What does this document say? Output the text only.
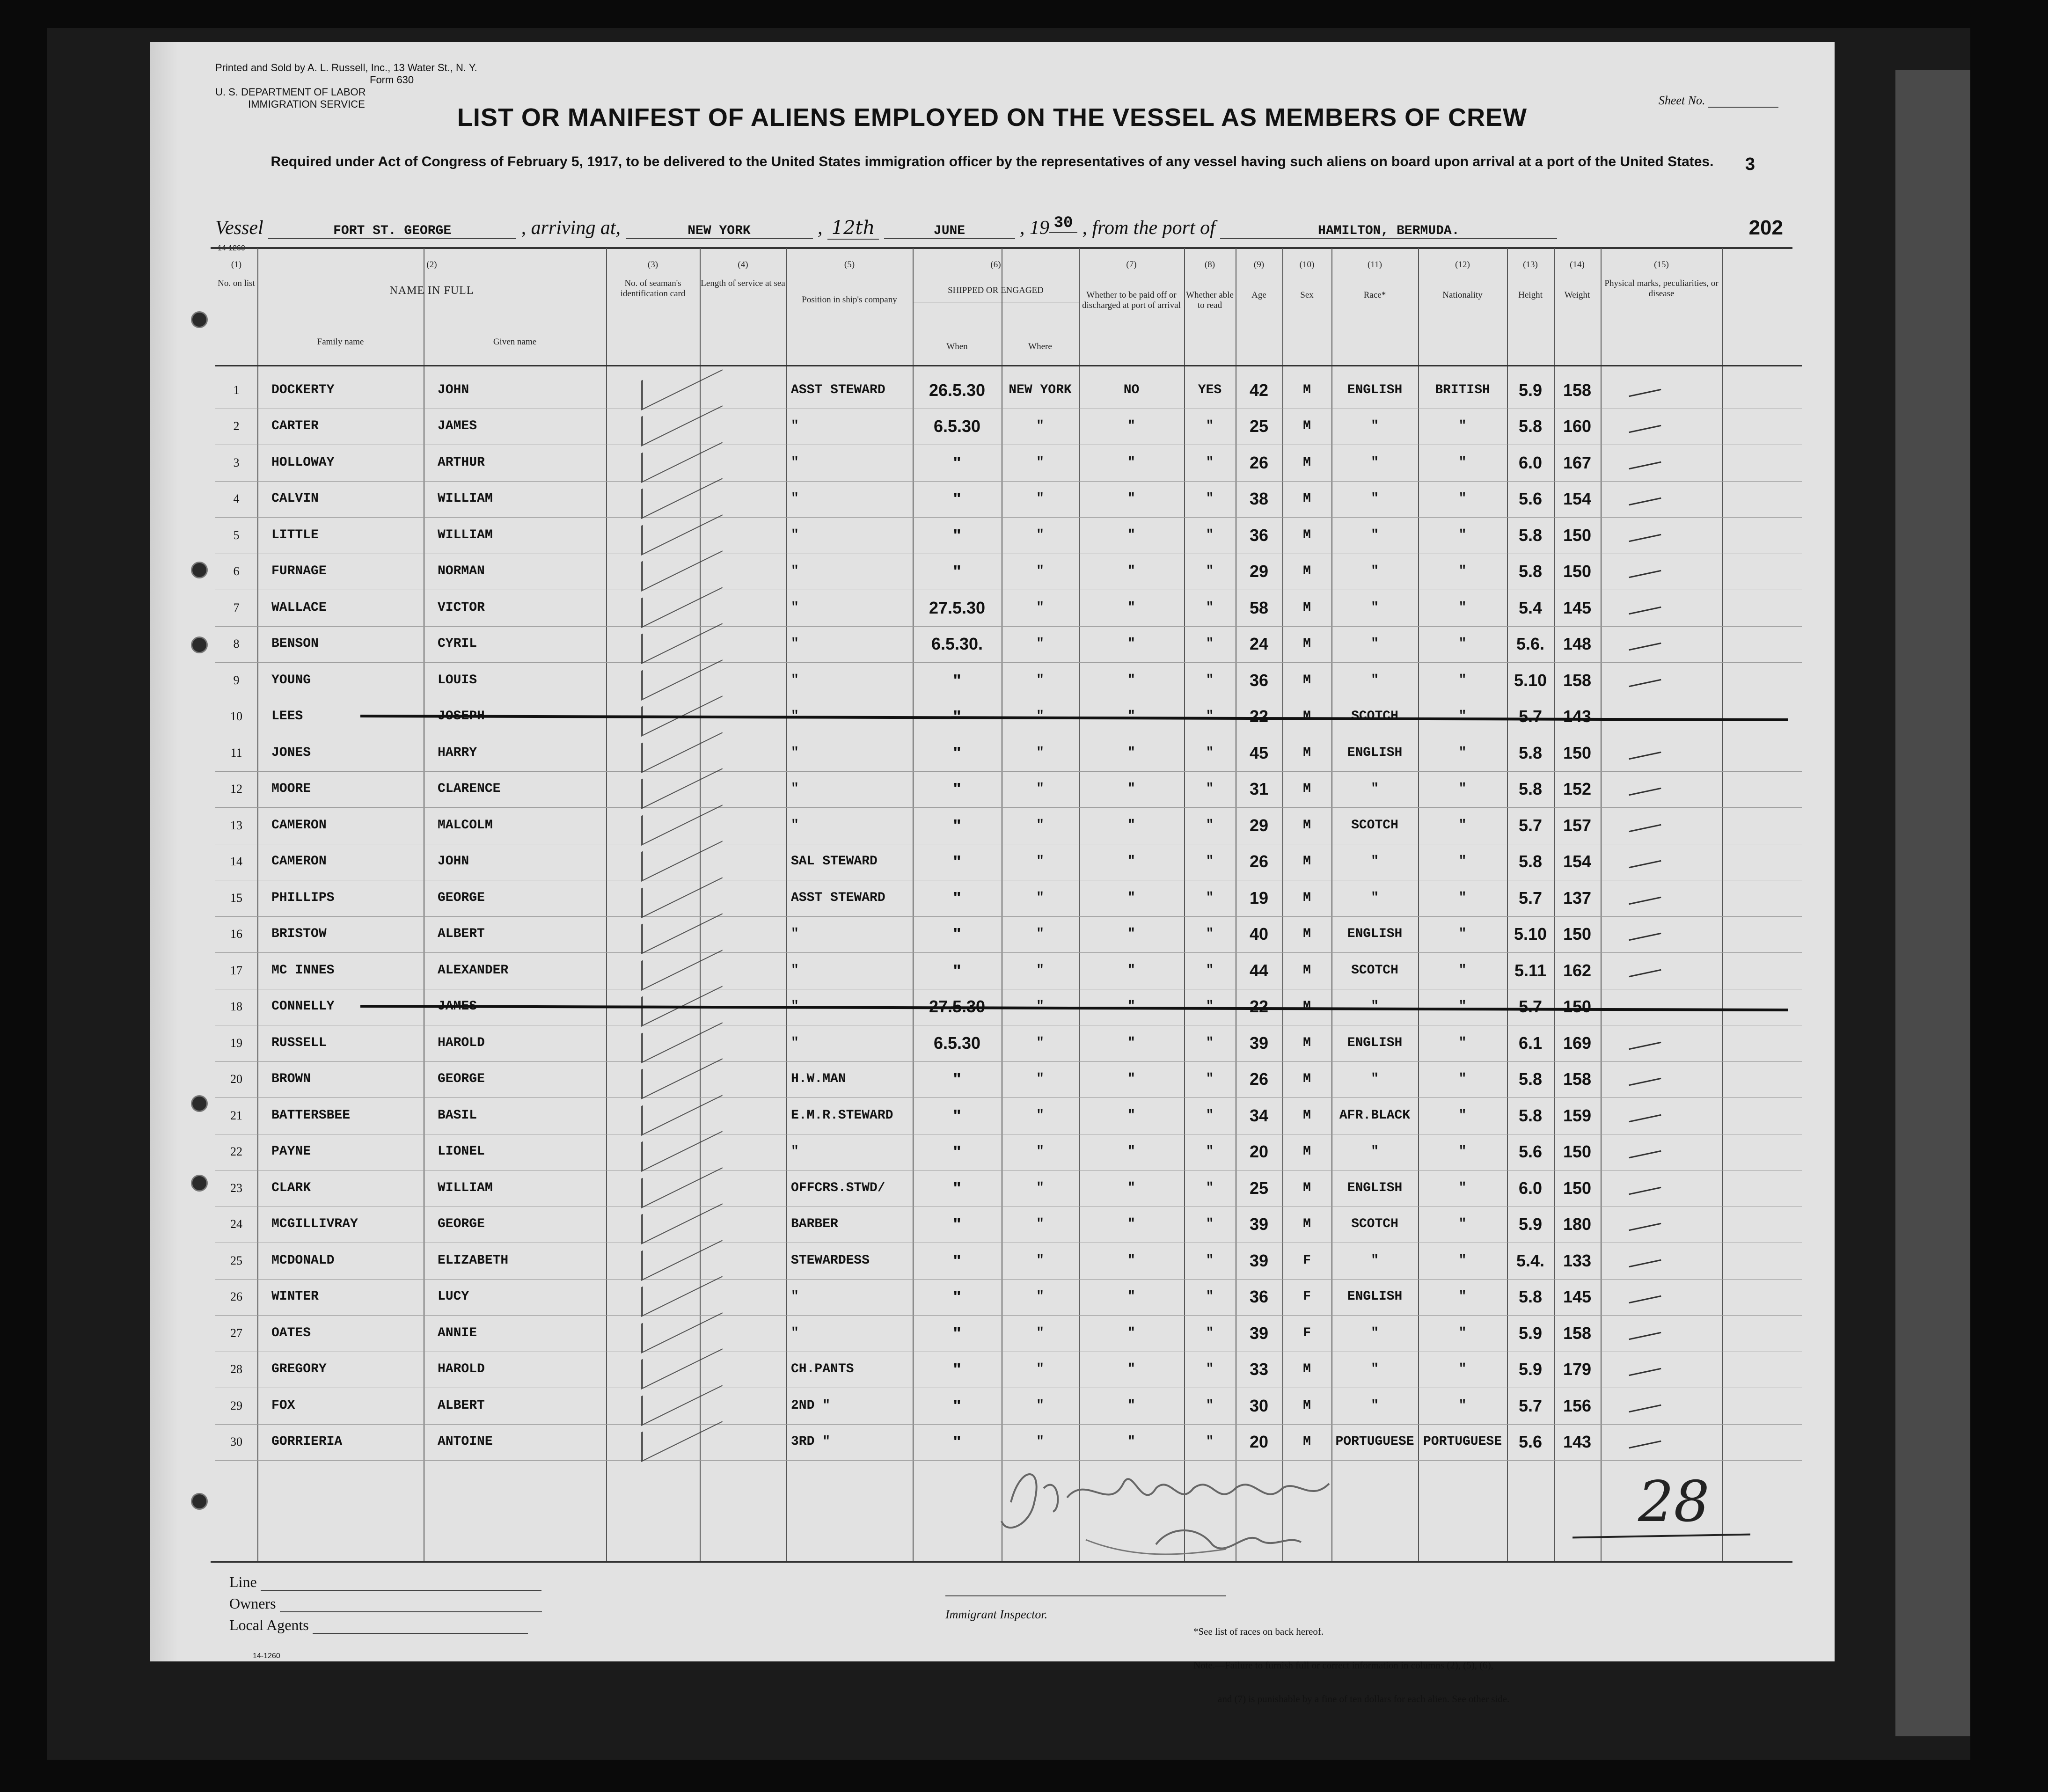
Printed and Sold by A. L. Russell, Inc., 13 Water St., N. Y.
Form 630
U. S. DEPARTMENT OF LABOR
IMMIGRATION SERVICE	Sheet No.
LIST OR MANIFEST OF ALIENS EMPLOYED ON THE VESSEL AS MEMBERS OF CREW
Required under Act of Congress of February 5, 1917, to be delivered to the United States immigration officer by the representatives of any vessel having such aliens on board upon arrival at a port of the United States.	3
Vessel	FORT ST. GEORGE	, arriving at,	NEW YORK	, 12th	JUNE	, 19 30 , from the port of	HAMILTON, BERMUDA.	202
14-1260
(1)
No. on list
(2)
NAME IN FULL
Family name	Given name
(3)
No. of seaman's identification card
(4)
Length of service at sea
(5)
Position in ship's company
(6)
SHIPPED OR ENGAGED
When	Where
(7)
Whether to be paid off or discharged at port of arrival
(8)
Whether able to read
(9)
Age
(10)
Sex
(11)
Race*
(12)
Nationality
(13)
Height
(14)
Weight
(15)
Physical marks, peculiarities, or disease
1	DOCKERTY	JOHN	ASST STEWARD	26.5.30	NEW YORK	NO	YES	42	M	ENGLISH	BRITISH	5.9	158
2	CARTER	JAMES	"	6.5.30	"	"	"	25	M	"	"	5.8	160
3	HOLLOWAY	ARTHUR	"	"	"	"	"	26	M	"	"	6.0	167
4	CALVIN	WILLIAM	"	"	"	"	"	38	M	"	"	5.6	154
5	LITTLE	WILLIAM	"	"	"	"	"	36	M	"	"	5.8	150
6	FURNAGE	NORMAN	"	"	"	"	"	29	M	"	"	5.8	150
7	WALLACE	VICTOR	"	27.5.30	"	"	"	58	M	"	"	5.4	145
8	BENSON	CYRIL	"	6.5.30.	"	"	"	24	M	"	"	5.6.	148
9	YOUNG	LOUIS	"	"	"	"	"	36	M	"	"	5.10 158
10	LEES	JOSEPH	"	"	"	"	"	22	M	SCOTCH	"	5.7	143
11	JONES	HARRY	"	"	"	"	"	45	M	ENGLISH	"	5.8	150
12	MOORE	CLARENCE	"	"	"	"	"	31	M	"	"	5.8	152
13	CAMERON	MALCOLM	"	"	"	"	"	29	M	SCOTCH	"	5.7	157
14	CAMERON	JOHN	SAL STEWARD	"	"	"	"	26	M	"	"	5.8	154
15	PHILLIPS	GEORGE	ASST STEWARD	"	"	"	"	19	M	"	"	5.7	137
16	BRISTOW	ALBERT	"	"	"	"	"	40	M	ENGLISH	"	5.10 150
17	MC INNES	ALEXANDER	"	"	"	"	"	44	M	SCOTCH	"	5.11 162
18	CONNELLY	JAMES	"	27.5.30	"	"	"	22	M	"	"	5.7	150
19	RUSSELL	HAROLD	"	6.5.30	"	"	"	39	M	ENGLISH	"	6.1	169
20	BROWN	GEORGE	H.W.MAN	"	"	"	"	26	M	"	"	5.8	158
21	BATTERSBEE	BASIL	E.M.R.STEWARD	"	"	"	"	34	M	AFR.BLACK	"	5.8	159
22	PAYNE	LIONEL	"	"	"	"	"	20	M	"	"	5.6	150
23	CLARK	WILLIAM	OFFCRS.STWD/	"	"	"	"	25	M	ENGLISH	"	6.0	150
24	MCGILLIVRAY	GEORGE	BARBER	"	"	"	"	39	M	SCOTCH	"	5.9	180
25	MCDONALD	ELIZABETH	STEWARDESS	"	"	"	"	39	F	"	"	5.4.	133
26	WINTER	LUCY	"	"	"	"	"	36	F	ENGLISH	"	5.8	145
27	OATES	ANNIE	"	"	"	"	"	39	F	"	"	5.9	158
28	GREGORY	HAROLD	CH.PANTS	"	"	"	"	33	M	"	"	5.9	179
29	FOX	ALBERT	2ND "	"	"	"	"	30	M	"	"	5.7	156
30	GORRIERIA	ANTOINE	3RD "	"	"	"	"	20	M	PORTUGUESE PORTUGUESE 5.6	143
Line
Owners
Local Agents
14-1260
Immigrant Inspector.

*See list of races on back hereof.

Note.—Failure to furnish full or correct information in columns (2), (5), (6),

and (7) is punishable by a fine of ten dollars for each alien. See other side.

28
